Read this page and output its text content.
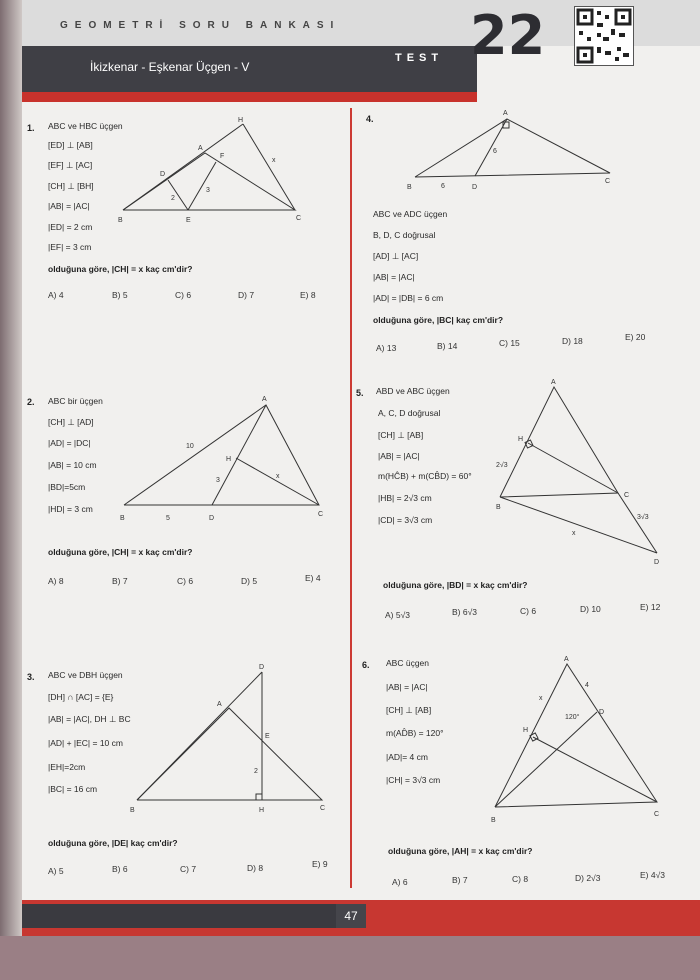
GEOMETRİ SORU BANKASI
İkizkenar - Eşkenar Üçgen - V
TEST 22
1. ABC ve HBC üçgen
[ED] ⊥ [AB]
[EF] ⊥ [AC]
[CH] ⊥ [BH]
|AB| = |AC|
|ED| = 2 cm
|EF| = 3 cm
olduğuna göre, |CH| = x kaç cm'dir?
A) 4	B) 5	C) 6	D) 7	E) 8
H
A
F
D
B	E	C
x
2
3
2. ABC bir üçgen
[CH] ⊥ [AD]
|AD| = |DC|
|AB| = 10 cm
|BD|=5cm
|HD| = 3 cm
olduğuna göre, |CH| = x kaç cm'dir?
A) 8	B) 7	C) 6	D) 5	E) 4
A
H
B	D
C
10
3
5
x
3. ABC ve DBH üçgen
[DH] ∩ [AC] = {E}
|AB| = |AC|, DH ⊥ BC
|AD| + |EC| = 10 cm
|EH|=2cm
|BC| = 16 cm
olduğuna göre, |DE| kaç cm'dir?
A) 5	B) 6	C) 7	D) 8	E) 9
D
A
E
B	H	C
2
4.
ABC ve ADC üçgen
B, D, C doğrusal
[AD] ⊥ [AC]
|AB| = |AC|
|AD| = |DB| = 6 cm
olduğuna göre, |BC| kaç cm'dir?
A) 13	B) 14	C) 15	D) 18	E) 20
A
B	D
C
6
6
5. ABD ve ABC üçgen
A, C, D doğrusal
[CH] ⊥ [AB]
|AB| = |AC|
m(HĈB) + m(CB̂D) = 60°
|HB| = 2√3 cm
|CD| = 3√3 cm
olduğuna göre, |BD| = x kaç cm'dir?
A) 5√3	B) 6√3	C) 6	D) 10	E) 12
A
H
B
C
D
2√3
3√3
x
6. ABC üçgen
|AB| = |AC|
[CH] ⊥ [AB]
m(AD̂B) = 120°
|AD|= 4 cm
|CH| = 3√3 cm
olduğuna göre, |AH| = x kaç cm'dir?
A) 6	B) 7	C) 8	D) 2√3	E) 4√3
A
H
D
B
C
x
4
120°
47
